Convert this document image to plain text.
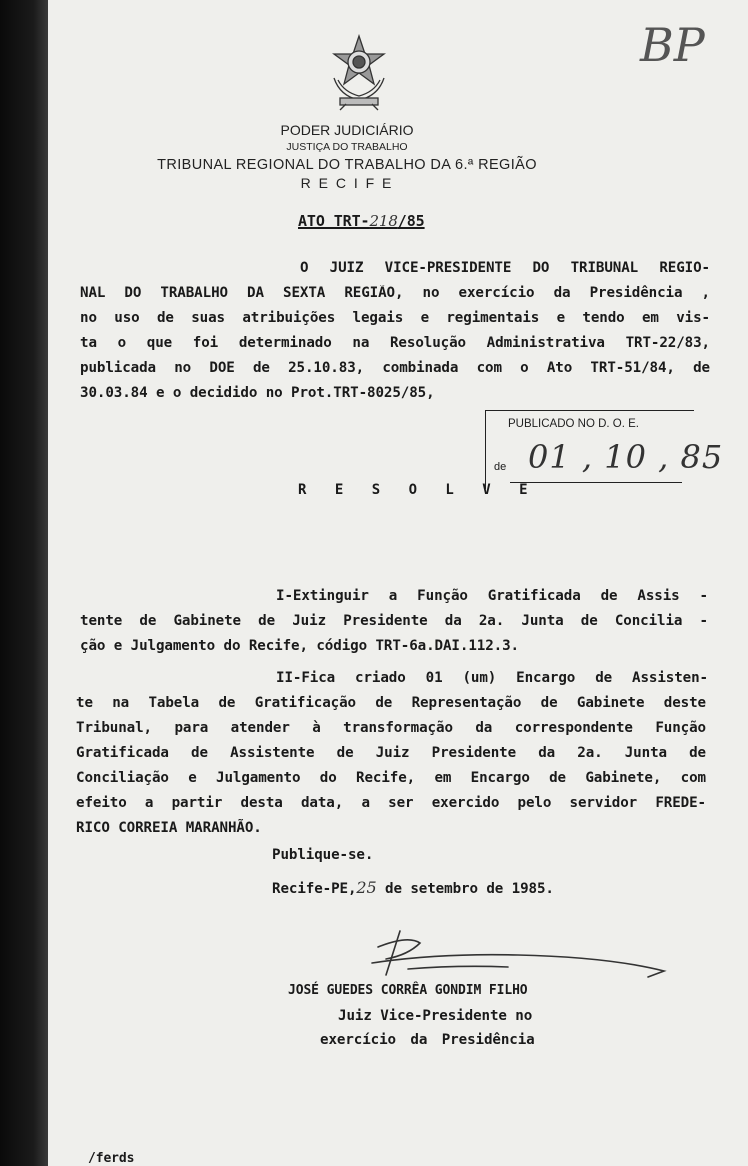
BP
PODER JUDICIÁRIO
JUSTIÇA DO TRABALHO
TRIBUNAL REGIONAL DO TRABALHO DA 6.ª REGIÃO
R E C I F E
ATO TRT-218/85
O JUIZ VICE-PRESIDENTE DO TRIBUNAL REGIO-
NAL DO TRABALHO DA SEXTA REGIÃO, no exercício da Presidência ,
no uso de suas atribuições legais e regimentais e tendo em vis-
ta o que foi determinado na Resolução Administrativa TRT-22/83,
publicada no DOE de 25.10.83, combinada com o Ato TRT-51/84, de
30.03.84 e o decidido no Prot.TRT-8025/85,
PUBLICADO NO D. O. E.
de 01 , 10 , 85
R E S O L V E
I-Extinguir a Função Gratificada de Assis -
tente de Gabinete de Juiz Presidente da 2a. Junta de Concilia -
ção e Julgamento do Recife, código TRT-6a.DAI.112.3.
II-Fica criado 01 (um) Encargo de Assisten-
te na Tabela de Gratificação de Representação de Gabinete deste
Tribunal, para atender à transformação da correspondente Função
Gratificada de Assistente de Juiz Presidente da 2a. Junta de
Conciliação e Julgamento do Recife, em Encargo de Gabinete, com
efeito a partir desta data, a ser exercido pelo servidor FREDE-
RICO CORREIA MARANHÃO.
Publique-se.
Recife-PE,25 de setembro de 1985.
JOSÉ GUEDES CORRÊA GONDIM FILHO
Juiz Vice-Presidente no
exercício da Presidência
/ferds
